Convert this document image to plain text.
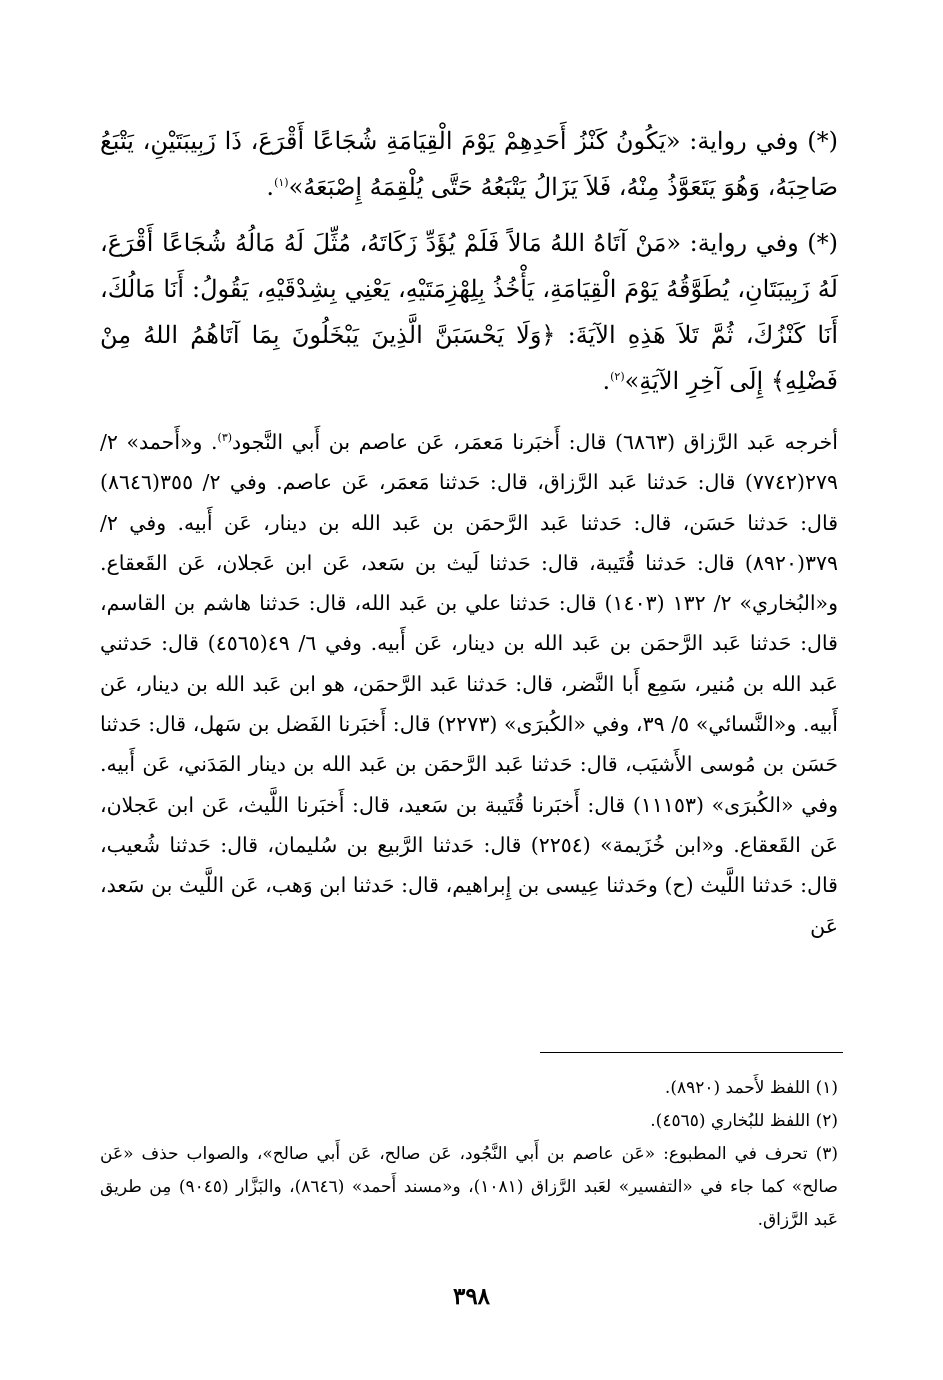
(*) وفي رواية: «يَكُونُ كَنْزُ أَحَدِهِمْ يَوْمَ الْقِيَامَةِ شُجَاعًا أَقْرَعَ، ذَا زَبِيبَتَيْنِ، يَتْبَعُ صَاحِبَهُ، وَهُوَ يَتَعَوَّذُ مِنْهُ، فَلاَ يَزَالُ يَتْبَعُهُ حَتَّى يُلْقِمَهُ إِصْبَعَهُ»$^{(١)}$.

(*) وفي رواية: «مَنْ آتَاهُ اللهُ مَالاً فَلَمْ يُؤَدِّ زَكَاتَهُ، مُثِّلَ لَهُ مَالُهُ شُجَاعًا أَقْرَعَ، لَهُ زَبِيبَتَانِ، يُطَوَّقُهُ يَوْمَ الْقِيَامَةِ، يَأْخُذُ بِلِهْزِمَتَيْهِ، يَعْنِي بِشِدْقَيْهِ، يَقُولُ: أَنَا مَالُكَ، أَنَا كَنْزُكَ، ثُمَّ تَلاَ هَذِهِ الآيَةَ: ﴿وَلَا يَحْسَبَنَّ الَّذِينَ يَبْخَلُونَ بِمَا آتَاهُمُ اللهُ مِنْ فَضْلِهِ﴾ إِلَى آخِرِ الآيَةِ»$^{(٢)}$.

أخرجه عَبد الرَّزاق (٦٨٦٣) قال: أَخبَرنا مَعمَر، عَن عاصم بن أَبي النَّجود$^{(٣)}$. و«أَحمد» ٢/ ٢٧٩(٧٧٤٢) قال: حَدثنا عَبد الرَّزاق، قال: حَدثنا مَعمَر، عَن عاصم. وفي ٢/ ٣٥٥(٨٦٤٦) قال: حَدثنا حَسَن، قال: حَدثنا عَبد الرَّحمَن بن عَبد الله بن دينار، عَن أَبيه. وفي ٢/ ٣٧٩(٨٩٢٠) قال: حَدثنا قُتَيبة، قال: حَدثنا لَيث بن سَعد، عَن ابن عَجلان، عَن القَعقاع. و«البُخاري» ٢/ ١٣٢ (١٤٠٣) قال: حَدثنا علي بن عَبد الله، قال: حَدثنا هاشم بن القاسم، قال: حَدثنا عَبد الرَّحمَن بن عَبد الله بن دينار، عَن أَبيه. وفي ٦/ ٤٩(٤٥٦٥) قال: حَدثني عَبد الله بن مُنير، سَمِع أَبا النَّضر، قال: حَدثنا عَبد الرَّحمَن، هو ابن عَبد الله بن دينار، عَن أَبيه. و«النَّسائي» ٥/ ٣٩، وفي «الكُبرَى» (٢٢٧٣) قال: أَخبَرنا الفَضل بن سَهل، قال: حَدثنا حَسَن بن مُوسى الأَشيَب، قال: حَدثنا عَبد الرَّحمَن بن عَبد الله بن دينار المَدَني، عَن أَبيه. وفي «الكُبرَى» (١١١٥٣) قال: أَخبَرنا قُتَيبة بن سَعيد، قال: أَخبَرنا اللَّيث، عَن ابن عَجلان، عَن القَعقاع. و«ابن خُزَيمة» (٢٢٥٤) قال: حَدثنا الرَّبيع بن سُليمان، قال: حَدثنا شُعيب، قال: حَدثنا اللَّيث (ح) وحَدثنا عِيسى بن إِبراهيم، قال: حَدثنا ابن وَهب، عَن اللَّيث بن سَعد، عَن

(١) اللفظ لأَحمد (٨٩٢٠).

(٢) اللفظ للبُخاري (٤٥٦٥).

(٣) تحرف في المطبوع: «عَن عاصم بن أَبي النَّجُود، عَن صالح، عَن أَبي صالح»، والصواب حذف «عَن صالح» كما جاء في «التفسير» لعَبد الرَّزاق (١٠٨١)، و«مسند أَحمد» (٨٦٤٦)، والبَزَّار (٩٠٤٥) مِن طريق عَبد الرَّزاق.

٣٩٨
